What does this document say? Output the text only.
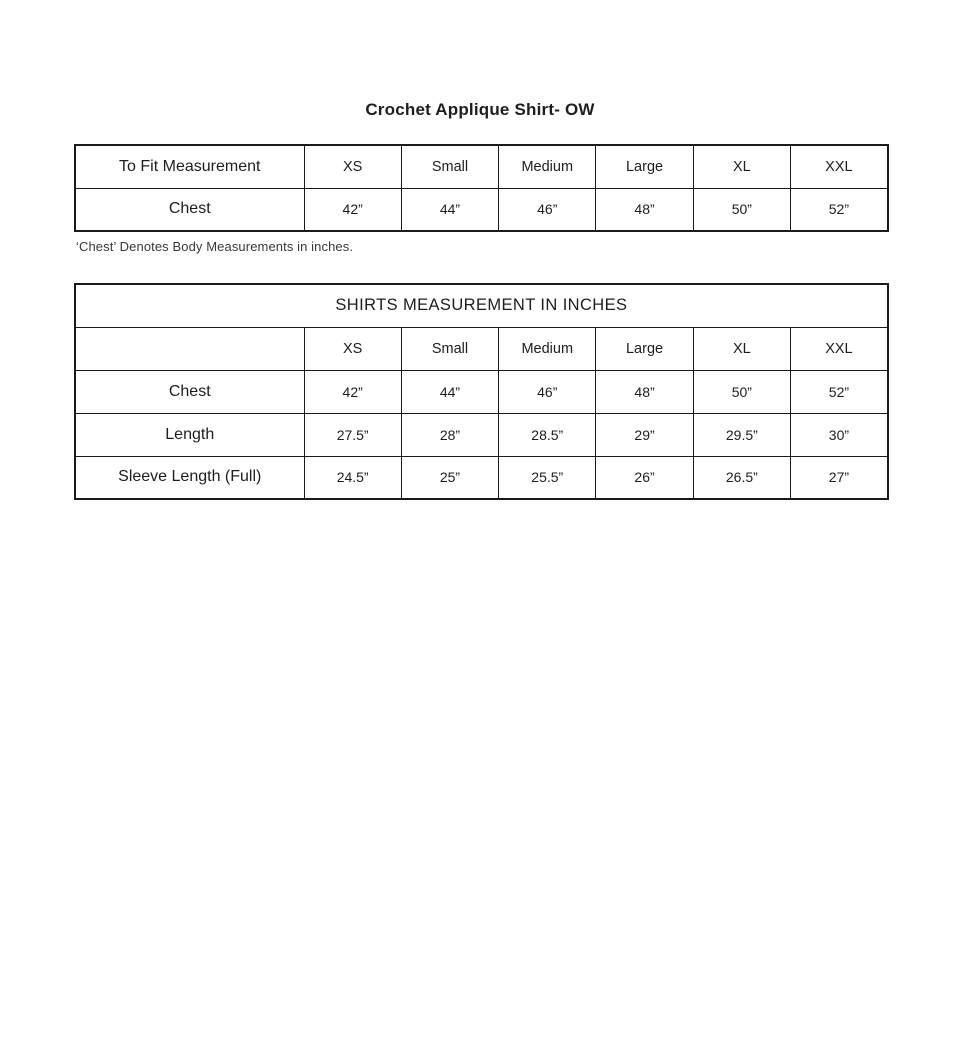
Crochet Applique Shirt- OW
To Fit Measurement	XS	Small	Medium	Large	XL	XXL
Chest	42”	44”	46”	48”	50”	52”
‘Chest’ Denotes Body Measurements in inches.
SHIRTS MEASUREMENT IN INCHES						
	XS	Small	Medium	Large	XL	XXL
Chest	42”	44”	46”	48”	50”	52”
Length	27.5”	28”	28.5”	29”	29.5”	30”
Sleeve Length (Full)	24.5”	25”	25.5”	26”	26.5”	27”
